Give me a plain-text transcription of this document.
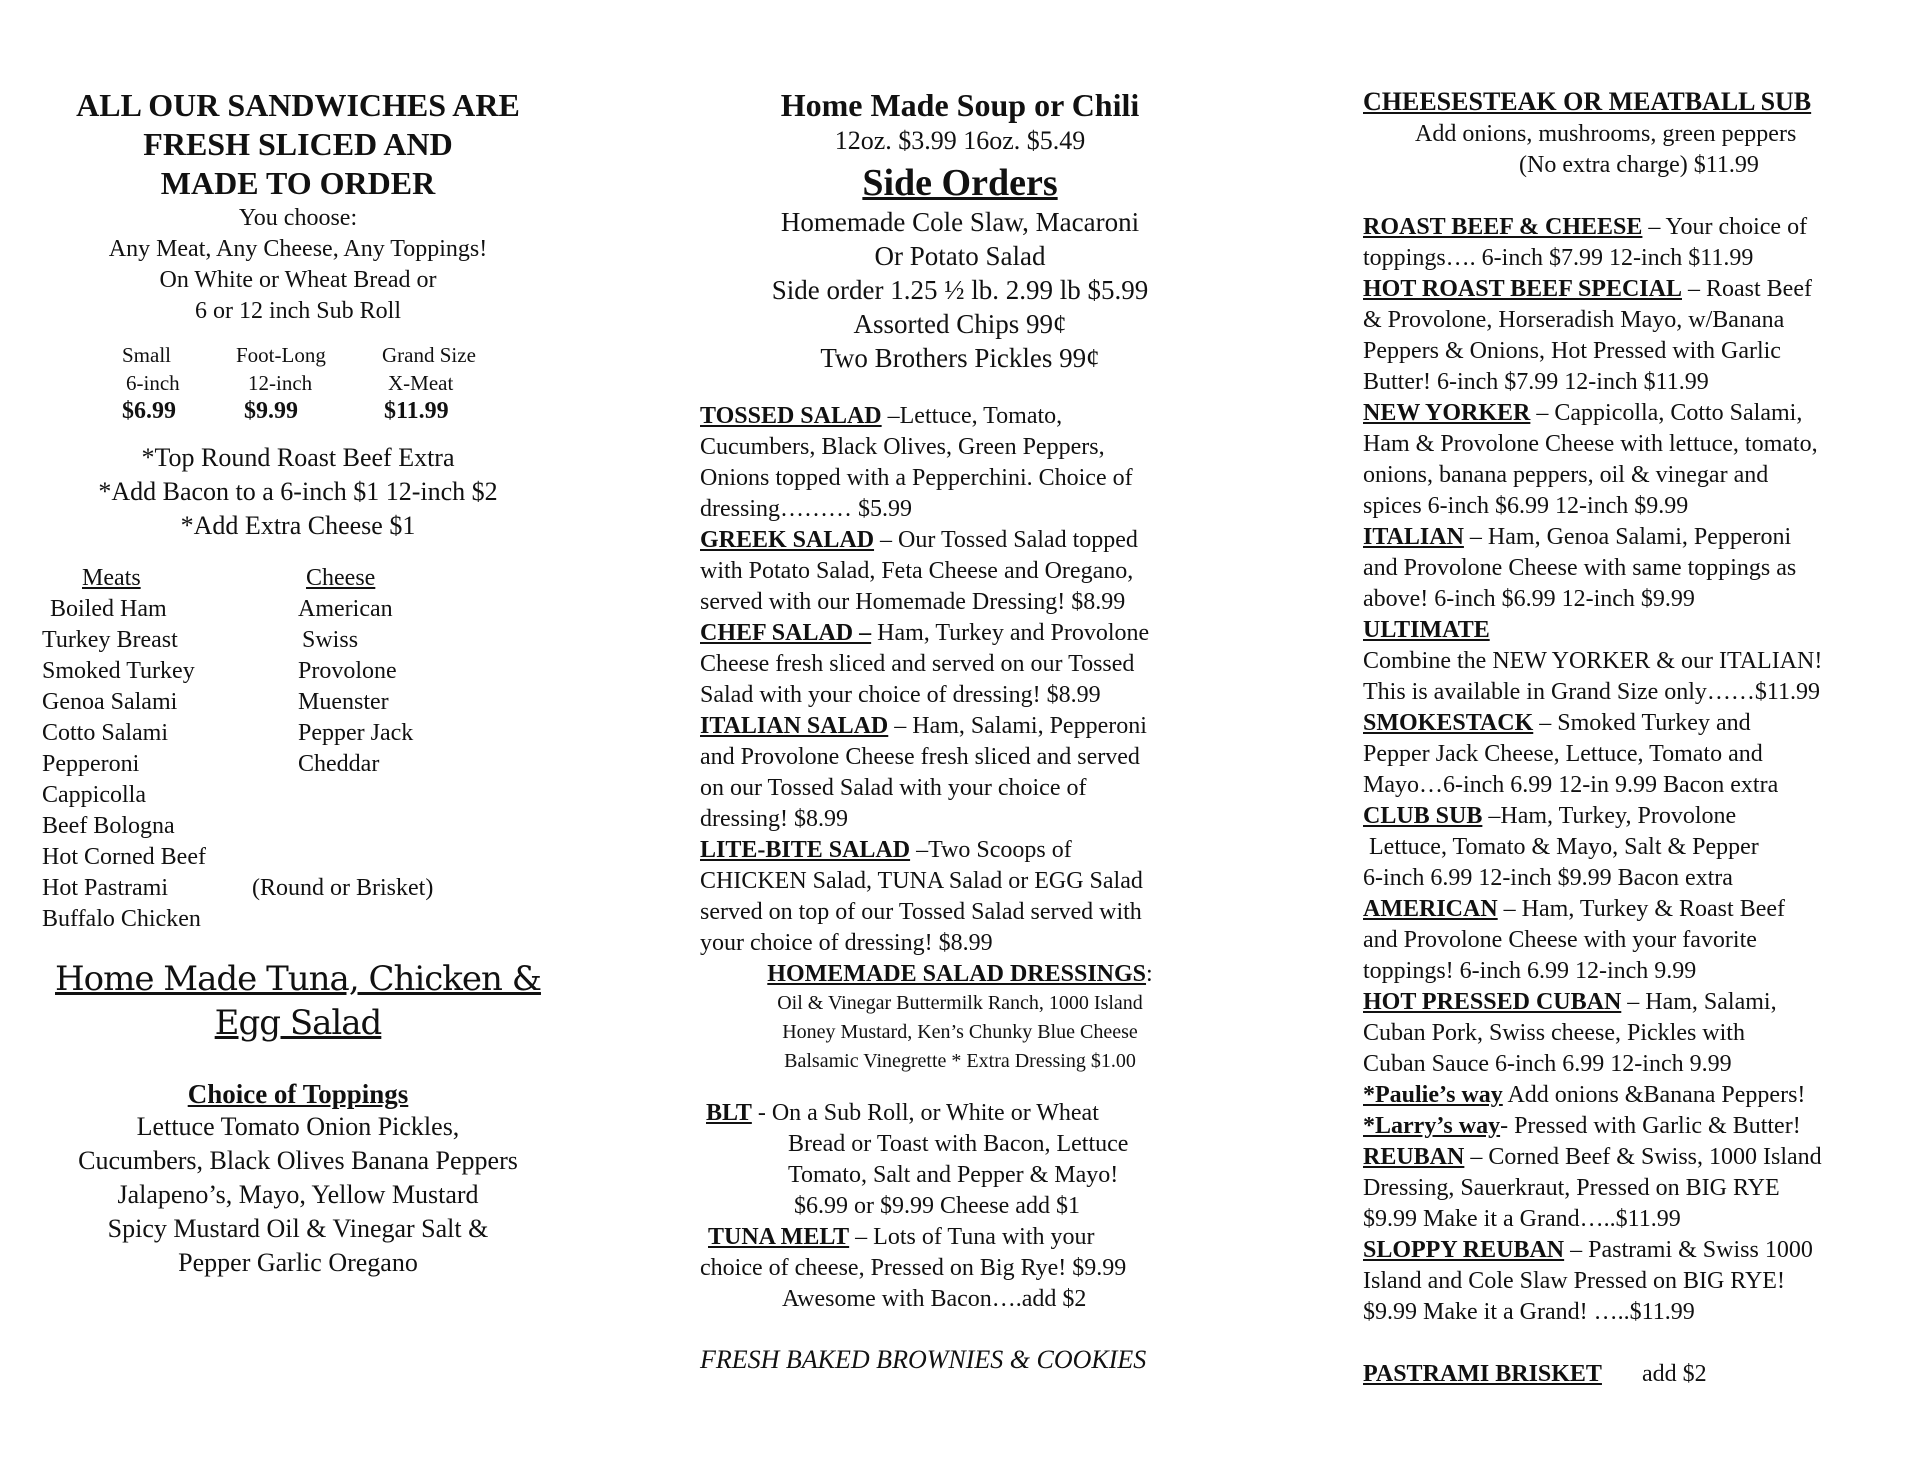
ALL OUR SANDWICHES ARE
FRESH SLICED AND
MADE TO ORDER
You choose:
Any Meat, Any Cheese, Any Toppings!
On White or Wheat Bread or
6 or 12 inch Sub Roll
Small
6-inch
$6.99
Foot-Long
12-inch
$9.99
Grand Size
X-Meat
$11.99
*Top Round Roast Beef Extra
*Add Bacon to a 6-inch $1 12-inch $2
*Add Extra Cheese $1
Meats
Boiled Ham
Turkey Breast
Smoked Turkey
Genoa Salami
Cotto Salami
Pepperoni
Cappicolla
Beef Bologna
Hot Corned Beef
Hot Pastrami
Buffalo Chicken
Cheese
American
Swiss
Provolone
Muenster
Pepper Jack
Cheddar
(Round or Brisket)
Home Made Tuna, Chicken &
Egg Salad
Choice of Toppings
Lettuce Tomato Onion Pickles,
Cucumbers, Black Olives Banana Peppers
Jalapeno’s, Mayo, Yellow Mustard
Spicy Mustard Oil & Vinegar Salt &
Pepper Garlic Oregano
Home Made Soup or Chili
12oz. $3.99 16oz. $5.49
Side Orders
Homemade Cole Slaw, Macaroni
Or Potato Salad
Side order 1.25 ½ lb. 2.99 lb $5.99
Assorted Chips 99¢
Two Brothers Pickles 99¢
TOSSED SALAD –Lettuce, Tomato,
Cucumbers, Black Olives, Green Peppers,
Onions topped with a Pepperchini. Choice of
dressing……… $5.99
GREEK SALAD – Our Tossed Salad topped
with Potato Salad, Feta Cheese and Oregano,
served with our Homemade Dressing! $8.99
CHEF SALAD – Ham, Turkey and Provolone
Cheese fresh sliced and served on our Tossed
Salad with your choice of dressing! $8.99
ITALIAN SALAD – Ham, Salami, Pepperoni
and Provolone Cheese fresh sliced and served
on our Tossed Salad with your choice of
dressing! $8.99
LITE-BITE SALAD –Two Scoops of
CHICKEN Salad, TUNA Salad or EGG Salad
served on top of our Tossed Salad served with
your choice of dressing! $8.99
HOMEMADE SALAD DRESSINGS:
Oil & Vinegar Buttermilk Ranch, 1000 Island
Honey Mustard, Ken’s Chunky Blue Cheese
Balsamic Vinegrette * Extra Dressing $1.00
BLT - On a Sub Roll, or White or Wheat
Bread or Toast with Bacon, Lettuce
Tomato, Salt and Pepper & Mayo!
$6.99 or $9.99 Cheese add $1
TUNA MELT – Lots of Tuna with your
choice of cheese, Pressed on Big Rye! $9.99
Awesome with Bacon….add $2
FRESH BAKED BROWNIES & COOKIES
CHEESESTEAK OR MEATBALL SUB
Add onions, mushrooms, green peppers
(No extra charge) $11.99
ROAST BEEF & CHEESE – Your choice of
toppings…. 6-inch $7.99 12-inch $11.99
HOT ROAST BEEF SPECIAL – Roast Beef
& Provolone, Horseradish Mayo, w/Banana
Peppers & Onions, Hot Pressed with Garlic
Butter! 6-inch $7.99 12-inch $11.99
NEW YORKER – Cappicolla, Cotto Salami,
Ham & Provolone Cheese with lettuce, tomato,
onions, banana peppers, oil & vinegar and
spices 6-inch $6.99 12-inch $9.99
ITALIAN – Ham, Genoa Salami, Pepperoni
and Provolone Cheese with same toppings as
above! 6-inch $6.99 12-inch $9.99
ULTIMATE
Combine the NEW YORKER & our ITALIAN!
This is available in Grand Size only……$11.99
SMOKESTACK – Smoked Turkey and
Pepper Jack Cheese, Lettuce, Tomato and
Mayo…6-inch 6.99 12-in 9.99 Bacon extra
CLUB SUB –Ham, Turkey, Provolone
Lettuce, Tomato & Mayo, Salt & Pepper
6-inch 6.99 12-inch $9.99 Bacon extra
AMERICAN – Ham, Turkey & Roast Beef
and Provolone Cheese with your favorite
toppings! 6-inch 6.99 12-inch 9.99
HOT PRESSED CUBAN – Ham, Salami,
Cuban Pork, Swiss cheese, Pickles with
Cuban Sauce 6-inch 6.99 12-inch 9.99
*Paulie’s way Add onions &Banana Peppers!
*Larry’s way- Pressed with Garlic & Butter!
REUBAN – Corned Beef & Swiss, 1000 Island
Dressing, Sauerkraut, Pressed on BIG RYE
$9.99 Make it a Grand…..$11.99
SLOPPY REUBAN – Pastrami & Swiss 1000
Island and Cole Slaw Pressed on BIG RYE!
$9.99 Make it a Grand! …..$11.99
PASTRAMI BRISKET add $2
